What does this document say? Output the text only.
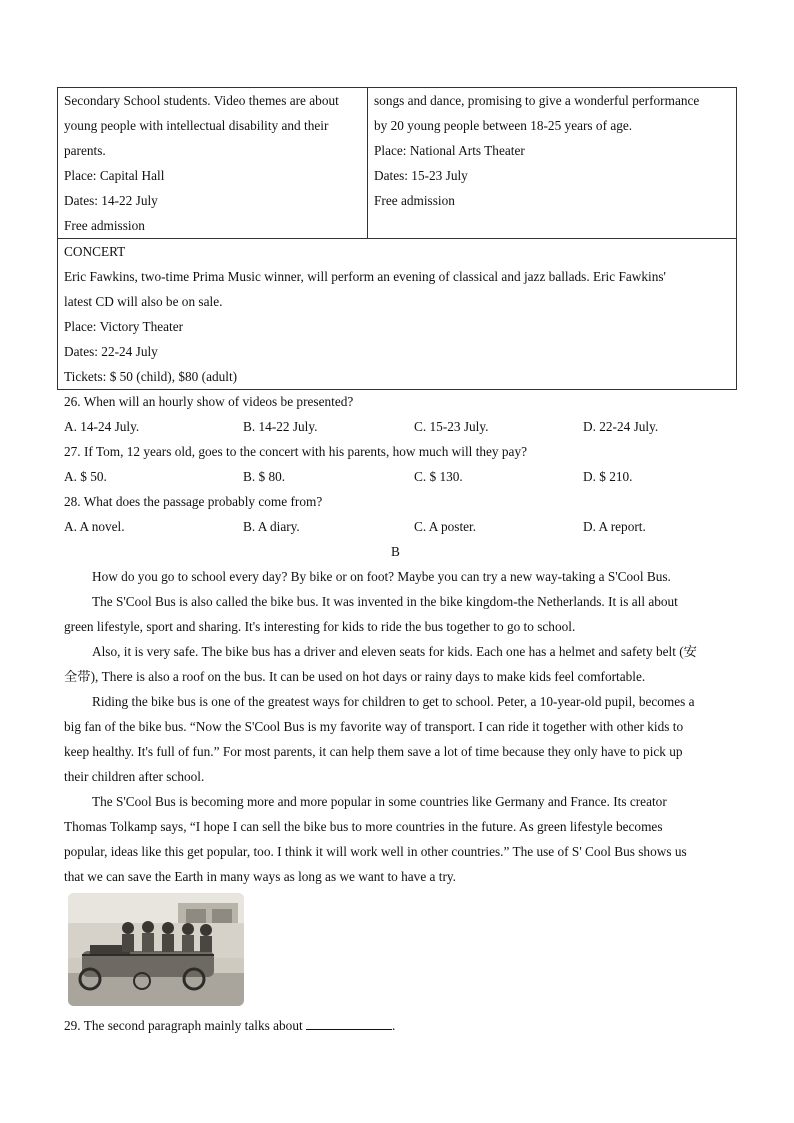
Secondary School students. Video themes are about
young people with intellectual disability and their
parents.
Place: Capital Hall
Dates: 14-22 July
Free admission

songs and dance, promising to give a wonderful performance
by 20 young people between 18-25 years of age.
Place: National Arts Theater
Dates: 15-23 July
Free admission

CONCERT
Eric Fawkins, two-time Prima Music winner, will perform an evening of classical and jazz ballads. Eric Fawkins'
latest CD will also be on sale.
Place: Victory Theater
Dates: 22-24 July
Tickets: $ 50 (child), $80 (adult)
26. When will an hourly show of videos be presented?
A. 14-24 July.	B. 14-22 July.	C. 15-23 July.	D. 22-24 July.
27. If Tom, 12 years old, goes to the concert with his parents, how much will they pay?
A. $ 50.	B. $ 80.	C. $ 130.	D. $ 210.
28. What does the passage probably come from?
A. A novel.	B. A diary.	C. A poster.	D. A report.
B
How do you go to school every day? By bike or on foot? Maybe you can try a new way-taking a S'Cool Bus.
The S'Cool Bus is also called the bike bus. It was invented in the bike kingdom-the Netherlands. It is all about
green lifestyle, sport and sharing. It's interesting for kids to ride the bus together to go to school.
Also, it is very safe. The bike bus has a driver and eleven seats for kids. Each one has a helmet and safety belt (安
全带), There is also a roof on the bus. It can be used on hot days or rainy days to make kids feel comfortable.
Riding the bike bus is one of the greatest ways for children to get to school. Peter, a 10-year-old pupil, becomes a
big fan of the bike bus. “Now the S'Cool Bus is my favorite way of transport. I can ride it together with other kids to
keep healthy. It's full of fun.” For most parents, it can help them save a lot of time because they only have to pick up
their children after school.
The S'Cool Bus is becoming more and more popular in some countries like Germany and France. Its creator
Thomas Tolkamp says, “I hope I can sell the bike bus to more countries in the future. As green lifestyle becomes
popular, ideas like this get popular, too. I think it will work well in other countries.” The use of S' Cool Bus shows us
that we can save the Earth in many ways as long as we want to have a try.
29. The second paragraph mainly talks about	.
